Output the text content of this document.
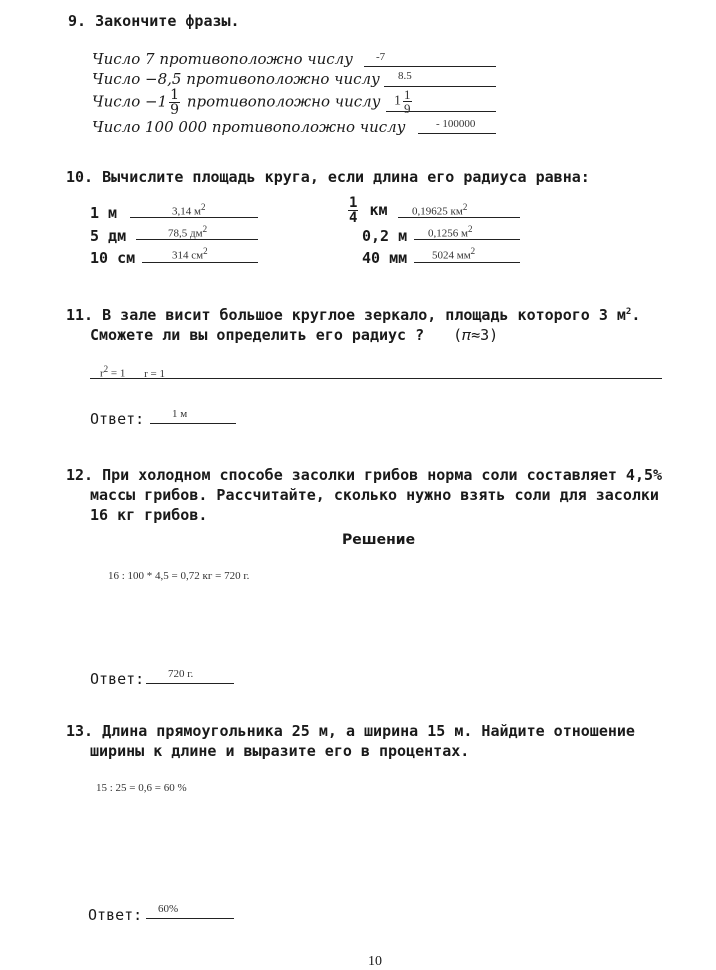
9. Закончите фразы.
Число 7 противоположно числу -7
Число −8,5 противоположно числу 8.5
Число $-1 \frac{1}{9}$ противоположно числу $1 \frac{1}{9}$
Число 100 000 противоположно числу	- 100000
10. Вычислите площадь круга, если длина его радиуса равна:
1 м	3,14 $м^2$
5 дм	78,5 $дм^2$
10 см	314 $см^2$
$\frac{1}{4}$ км 0,19625 $км^2$
0,2 м 0,1256 $м^2$
40 мм 5024 $мм^2$
11. В зале висит большое круглое зеркало, площадь которого 3 $м^2$.
Сможете ли вы определить его радиус ? (𝜋≈3)
$r^2 = 1$ r = 1
Ответ:	1 м
12. При холодном способе засолки грибов норма соли составляет 4,5%
массы грибов. Рассчитайте, сколько нужно взять соли для засолки
16 кг грибов.
Решение
16 : 100 * 4,5 = 0,72 кг = 720 г.
Ответ: 720 г.
13. Длина прямоугольника 25 м, а ширина 15 м. Найдите отношение
ширины к длине и выразите его в процентах.
15 : 25 = 0,6 = 60 %
Ответ: 60%
10
